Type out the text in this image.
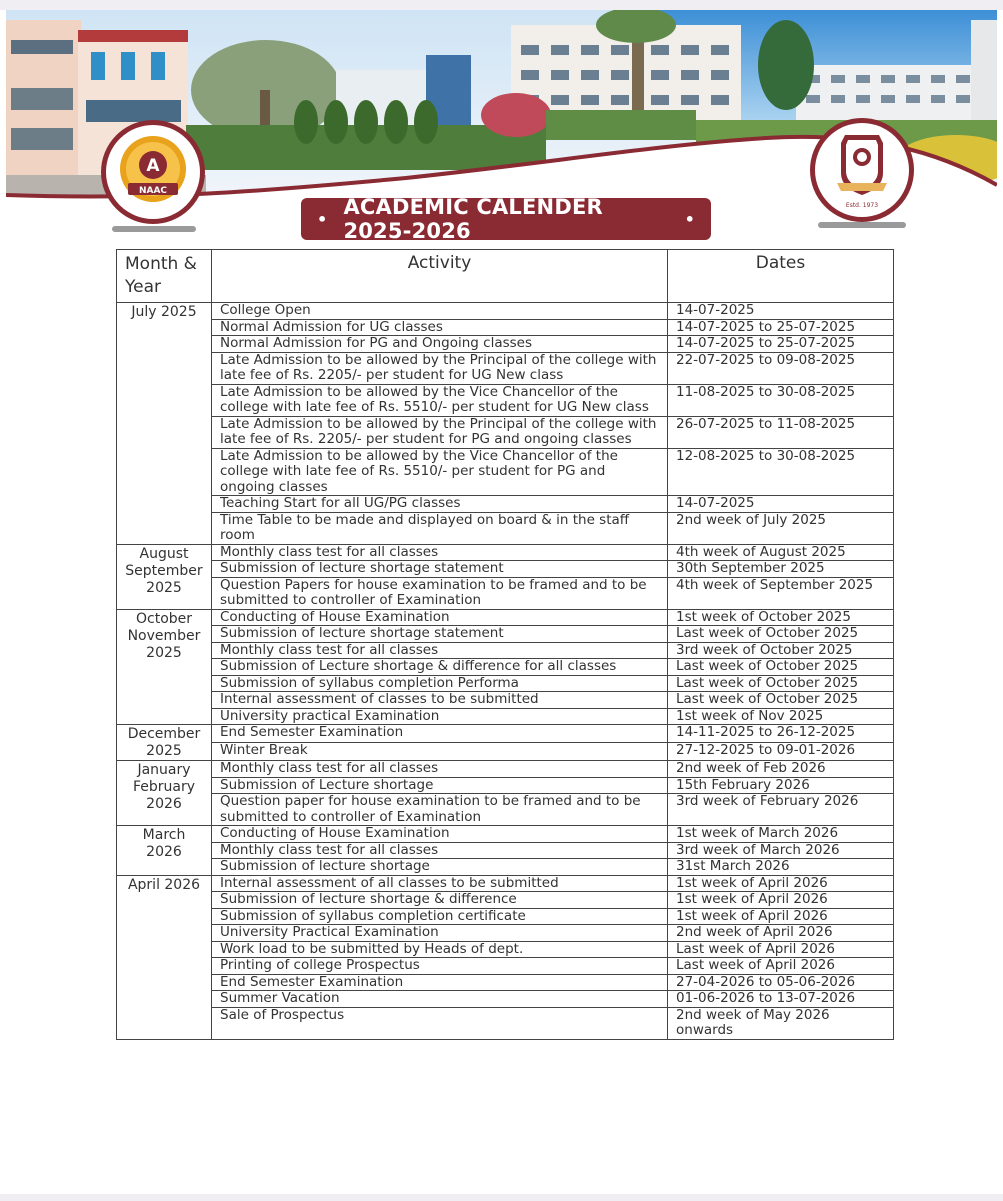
A
NAAC
Estd. 1973
• ACADEMIC CALENDER 2025-2026	•
Month & Year	Activity	Dates
July 2025	College Open	14-07-2025
	Normal Admission for UG classes	14-07-2025 to 25-07-2025
	Normal Admission for PG and Ongoing classes	14-07-2025 to 25-07-2025
	Late Admission to be allowed by the Principal of the college with late fee of Rs. 2205/- per student for UG New class	22-07-2025 to 09-08-2025
	Late Admission to be allowed by the Vice Chancellor of the college with late fee of Rs. 5510/- per student for UG New class	11-08-2025 to 30-08-2025
	Late Admission to be allowed by the Principal of the college with late fee of Rs. 2205/- per student for PG and ongoing classes	26-07-2025 to 11-08-2025
	Late Admission to be allowed by the Vice Chancellor of the college with late fee of Rs. 5510/- per student for PG and ongoing classes	12-08-2025 to 30-08-2025
	Teaching Start for all UG/PG classes	14-07-2025
	Time Table to be made and displayed on board & in the staff room	2nd week of July 2025
August September 2025	Monthly class test for all classes	4th week of August 2025
	Submission of lecture shortage statement	30th September 2025
	Question Papers for house examination to be framed and to be submitted to controller of Examination	4th week of September 2025
October November 2025	Conducting of House Examination	1st week of October 2025
	Submission of lecture shortage statement	Last week of October 2025
	Monthly class test for all classes	3rd week of October 2025
	Submission of Lecture shortage & difference for all classes	Last week of October 2025
	Submission of syllabus completion Performa	Last week of October 2025
	Internal assessment of classes to be submitted	Last week of October 2025
	University practical Examination	1st week of Nov 2025
December 2025	End Semester Examination	14-11-2025 to 26-12-2025
	Winter Break	27-12-2025 to 09-01-2026
January February 2026	Monthly class test for all classes	2nd week of Feb 2026
	Submission of Lecture shortage	15th February 2026
	Question paper for house examination to be framed and to be submitted to controller of Examination	3rd week of February 2026
March 2026	Conducting of House Examination	1st week of March 2026
	Monthly class test for all classes	3rd week of March 2026
	Submission of lecture shortage	31st March 2026
April 2026	Internal assessment of all classes to be submitted	1st week of April 2026
	Submission of lecture shortage & difference	1st week of April 2026
	Submission of syllabus completion certificate	1st week of April 2026
	University Practical Examination	2nd week of April 2026
	Work load to be submitted by Heads of dept.	Last week of April 2026
	Printing of college Prospectus	Last week of April 2026
	End Semester Examination	27-04-2026 to 05-06-2026
	Summer Vacation	01-06-2026 to 13-07-2026
	Sale of Prospectus	2nd week of May 2026 onwards
